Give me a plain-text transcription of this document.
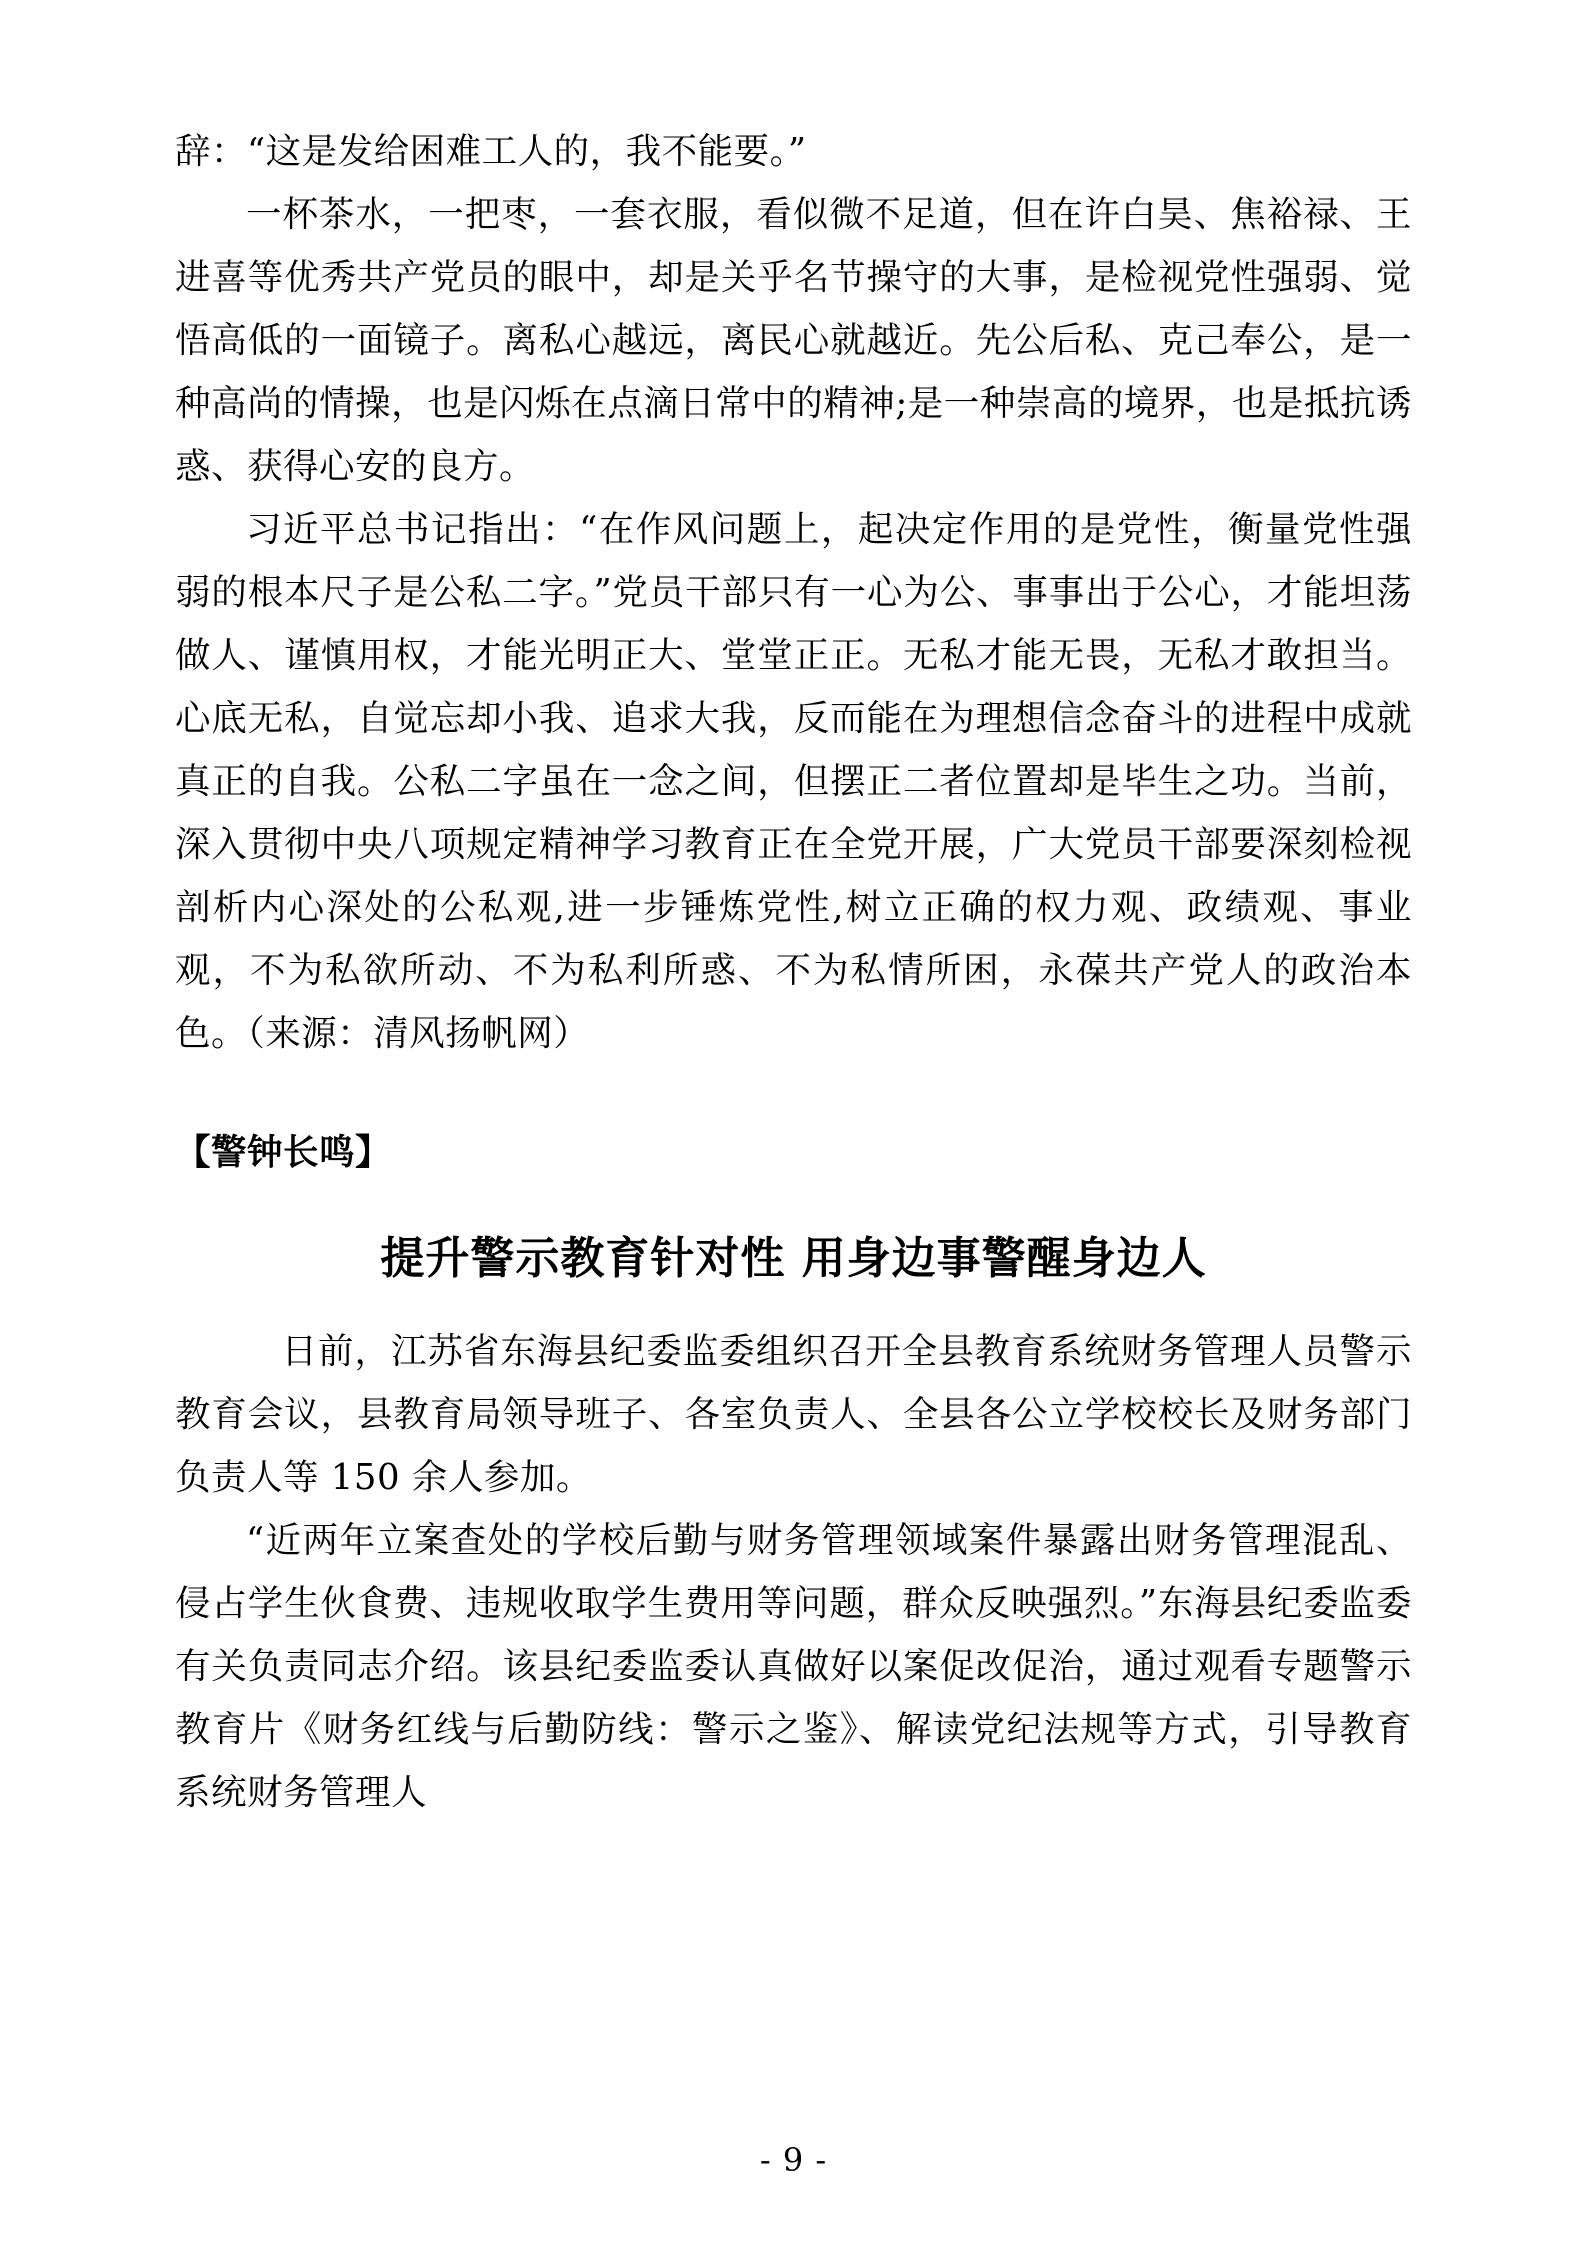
辞：“这是发给困难工人的，我不能要。”

一杯茶水，一把枣，一套衣服，看似微不足道，但在许白昊、焦裕禄、王进喜等优秀共产党员的眼中，却是关乎名节操守的大事，是检视党性强弱、觉悟高低的一面镜子。离私心越远，离民心就越近。先公后私、克己奉公，是一种高尚的情操，也是闪烁在点滴日常中的精神;是一种崇高的境界，也是抵抗诱惑、获得心安的良方。

习近平总书记指出：“在作风问题上，起决定作用的是党性，衡量党性强弱的根本尺子是公私二字。”党员干部只有一心为公、事事出于公心，才能坦荡做人、谨慎用权，才能光明正大、堂堂正正。无私才能无畏，无私才敢担当。心底无私，自觉忘却小我、追求大我，反而能在为理想信念奋斗的进程中成就真正的自我。公私二字虽在一念之间，但摆正二者位置却是毕生之功。当前，深入贯彻中央八项规定精神学习教育正在全党开展，广大党员干部要深刻检视剖析内心深处的公私观,进一步锤炼党性,树立正确的权力观、政绩观、事业观，不为私欲所动、不为私利所惑、不为私情所困，永葆共产党人的政治本色。（来源：清风扬帆网）

【警钟长鸣】

提升警示教育针对性 用身边事警醒身边人

日前，江苏省东海县纪委监委组织召开全县教育系统财务管理人员警示教育会议，县教育局领导班子、各室负责人、全县各公立学校校长及财务部门负责人等 150 余人参加。

“近两年立案查处的学校后勤与财务管理领域案件暴露出财务管理混乱、侵占学生伙食费、违规收取学生费用等问题，群众反映强烈。”东海县纪委监委有关负责同志介绍。该县纪委监委认真做好以案促改促治，通过观看专题警示教育片《财务红线与后勤防线：警示之鉴》、解读党纪法规等方式，引导教育系统财务管理人

- 9 -
